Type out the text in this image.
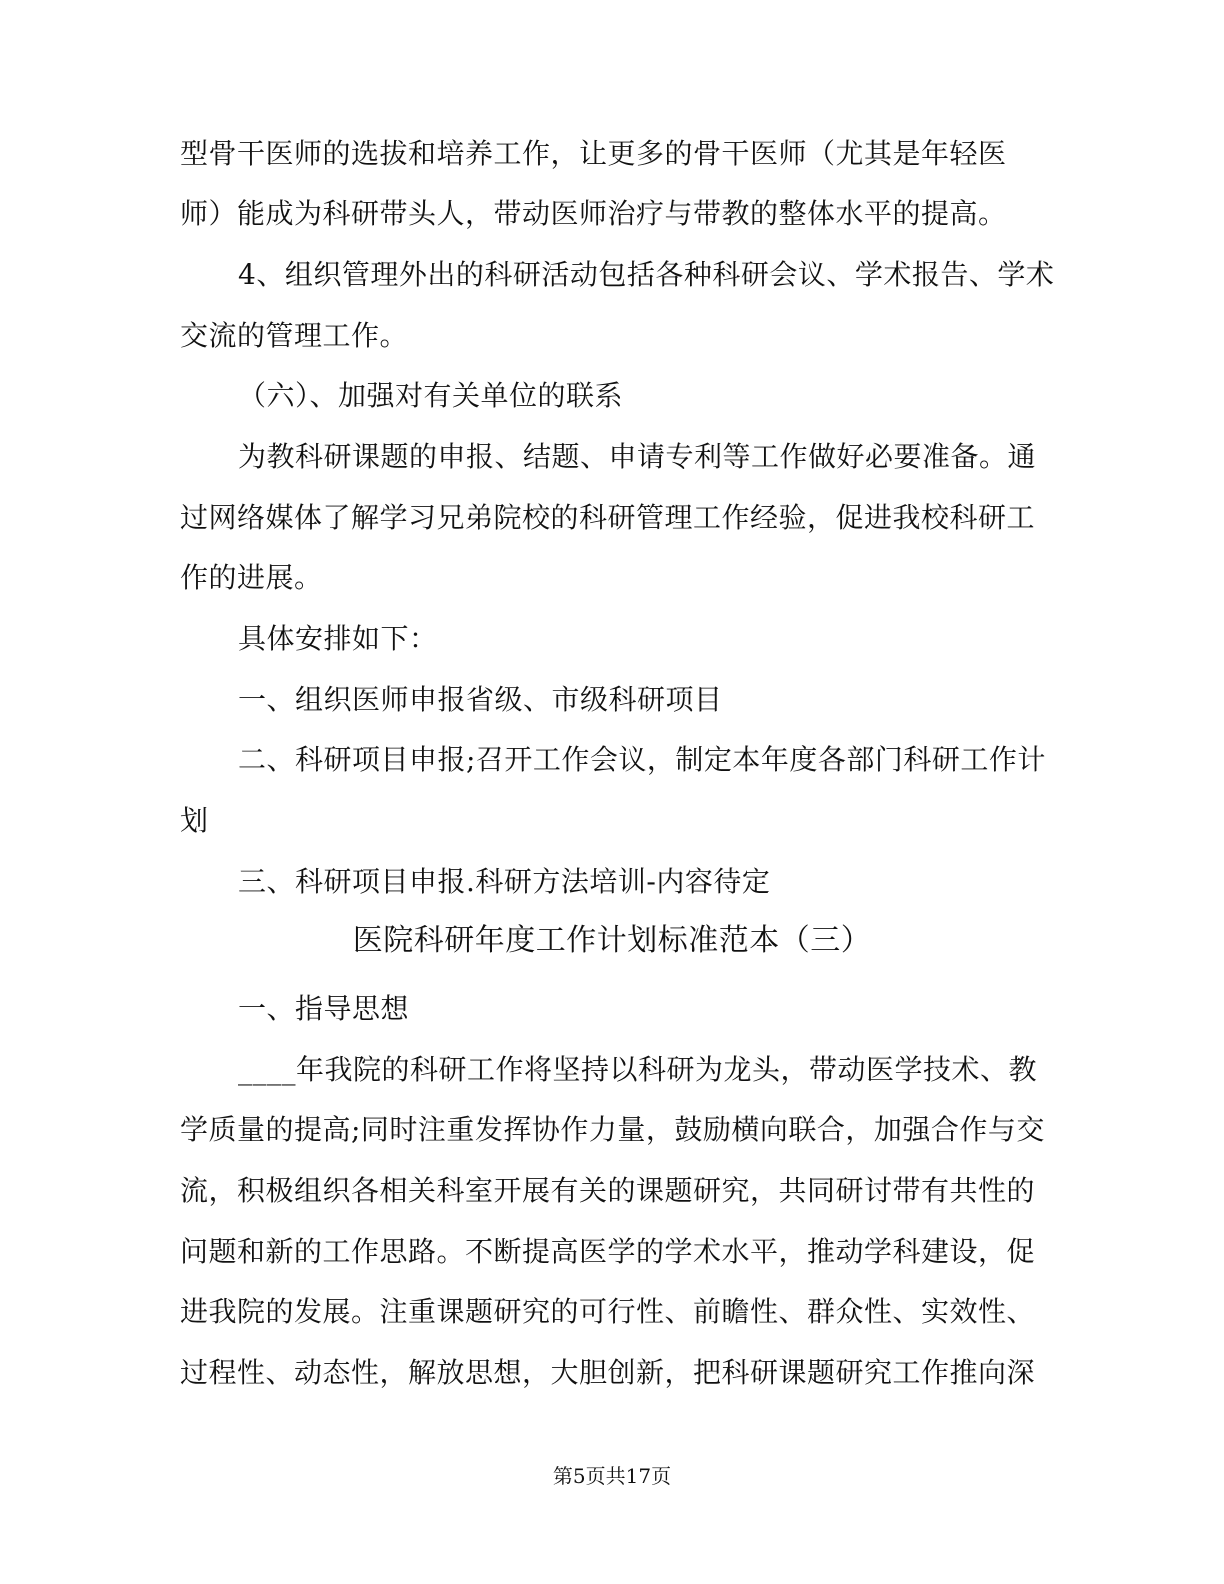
型骨干医师的选拔和培养工作，让更多的骨干医师（尤其是年轻医
师）能成为科研带头人，带动医师治疗与带教的整体水平的提高。
4、组织管理外出的科研活动包括各种科研会议、学术报告、学术
交流的管理工作。
（六）、加强对有关单位的联系
为教科研课题的申报、结题、申请专利等工作做好必要准备。通
过网络媒体了解学习兄弟院校的科研管理工作经验，促进我校科研工
作的进展。
具体安排如下：
一、组织医师申报省级、市级科研项目
二、科研项目申报;召开工作会议，制定本年度各部门科研工作计
划
三、科研项目申报.科研方法培训-内容待定
医院科研年度工作计划标准范本（三）
一、指导思想
____年我院的科研工作将坚持以科研为龙头，带动医学技术、教
学质量的提高;同时注重发挥协作力量，鼓励横向联合，加强合作与交
流，积极组织各相关科室开展有关的课题研究，共同研讨带有共性的
问题和新的工作思路。不断提高医学的学术水平，推动学科建设，促
进我院的发展。注重课题研究的可行性、前瞻性、群众性、实效性、
过程性、动态性，解放思想，大胆创新，把科研课题研究工作推向深
第5页共17页
